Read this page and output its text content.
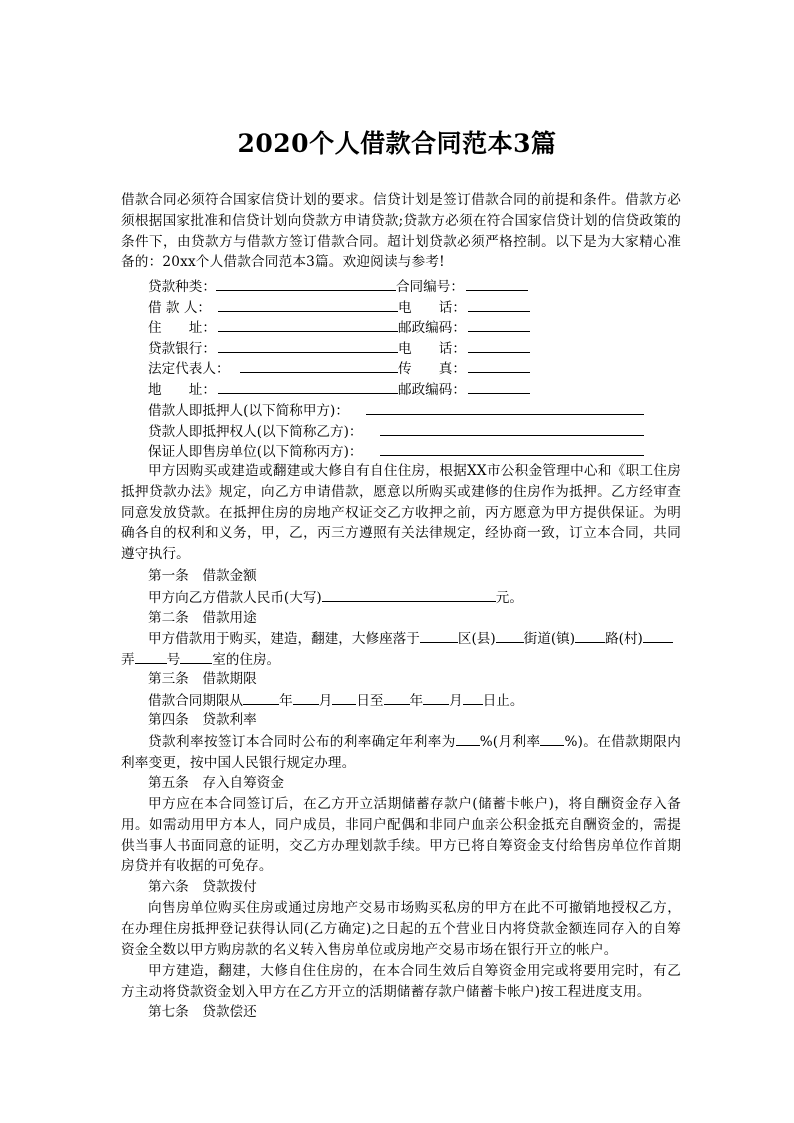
2020个人借款合同范本3篇
借款合同必须符合国家信贷计划的要求。信贷计划是签订借款合同的前提和条件。借款方必须根据国家批准和信贷计划向贷款方申请贷款;贷款方必须在符合国家信贷计划的信贷政策的条件下，由贷款方与借款方签订借款合同。超计划贷款必须严格控制。以下是为大家精心准备的：20xx个人借款合同范本3篇。欢迎阅读与参考!
贷款种类：	合同编号：
借 款 人：	电　　话：
住　　址：	邮政编码：
贷款银行：	电　　话：
法定代表人：	传　　真：
地　　址：	邮政编码：
借款人即抵押人(以下简称甲方)：
贷款人即抵押权人(以下简称乙方)：
保证人即售房单位(以下简称丙方)：
甲方因购买或建造或翻建或大修自有自住住房，根据XX市公积金管理中心和《职工住房抵押贷款办法》规定，向乙方申请借款，愿意以所购买或建修的住房作为抵押。乙方经审查同意发放贷款。在抵押住房的房地产权证交乙方收押之前，丙方愿意为甲方提供保证。为明确各自的权利和义务，甲，乙，丙三方遵照有关法律规定，经协商一致，订立本合同，共同遵守执行。
第一条　借款金额
甲方向乙方借款人民币(大写)	元。
第二条　借款用途
甲方借款用于购买，建造，翻建，大修座落于	区(县) 街道(镇) 路(村)
弄 号 室的住房。
第三条　借款期限
借款合同期限从	年 月 日至 年 月 日止。
第四条　贷款利率
贷款利率按签订本合同时公布的利率确定年利率为 %(月利率 %)。在借款期限内利率变更，按中国人民银行规定办理。
第五条　存入自筹资金
甲方应在本合同签订后，在乙方开立活期储蓄存款户(储蓄卡帐户)，将自酬资金存入备用。如需动用甲方本人，同户成员，非同户配偶和非同户血亲公积金抵充自酬资金的，需提供当事人书面同意的证明，交乙方办理划款手续。甲方已将自筹资金支付给售房单位作首期房贷并有收据的可免存。
第六条　贷款拨付
向售房单位购买住房或通过房地产交易市场购买私房的甲方在此不可撤销地授权乙方，在办理住房抵押登记获得认同(乙方确定)之日起的五个营业日内将贷款金额连同存入的自筹资金全数以甲方购房款的名义转入售房单位或房地产交易市场在银行开立的帐户。
甲方建造，翻建，大修自住住房的，在本合同生效后自筹资金用完或将要用完时，有乙方主动将贷款资金划入甲方在乙方开立的活期储蓄存款户储蓄卡帐户)按工程进度支用。
第七条　贷款偿还
